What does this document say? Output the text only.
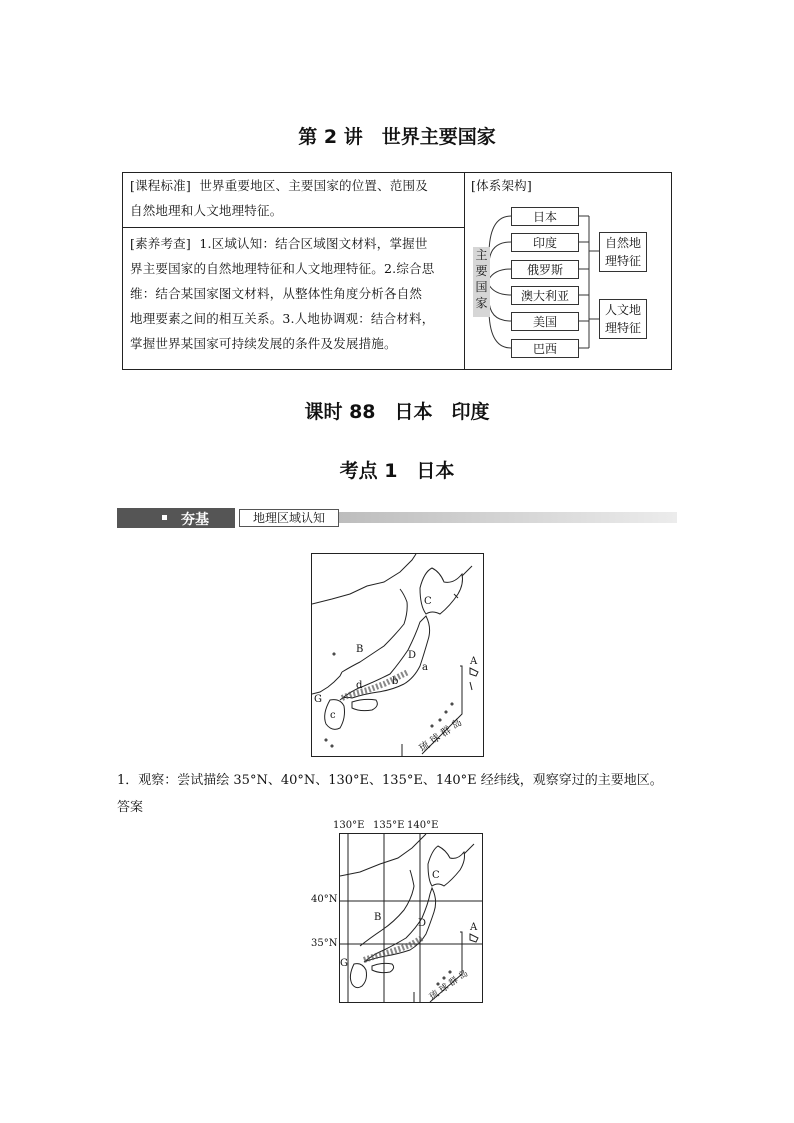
第 2 讲　世界主要国家
[课程标准] 世界重要地区、主要国家的位置、范围及
自然地理和人文地理特征。
[素养考查] 1.区域认知：结合区域图文材料，掌握世
界主要国家的自然地理特征和人文地理特征。2.综合思
维：结合某国家图文材料，从整体性角度分析各自然
地理要素之间的相互关系。3.人地协调观：结合材料，
掌握世界某国家可持续发展的条件及发展措施。
[体系架构]
主要国家
日本
印度
俄罗斯
澳大利亚
美国
巴西
自然地理特征
人文地理特征
课时 88　日本　印度
考点 1　日本
夯基	地理区域认知
A
B
C
D
G
a
b
c
d
琉 球 群 岛
1．观察：尝试描绘 35°N、40°N、130°E、135°E、140°E 经纬线，观察穿过的主要地区。
答案
130°E 135°E 140°E
40°N
35°N
A
B
C
D
G
琉 球 群 岛
